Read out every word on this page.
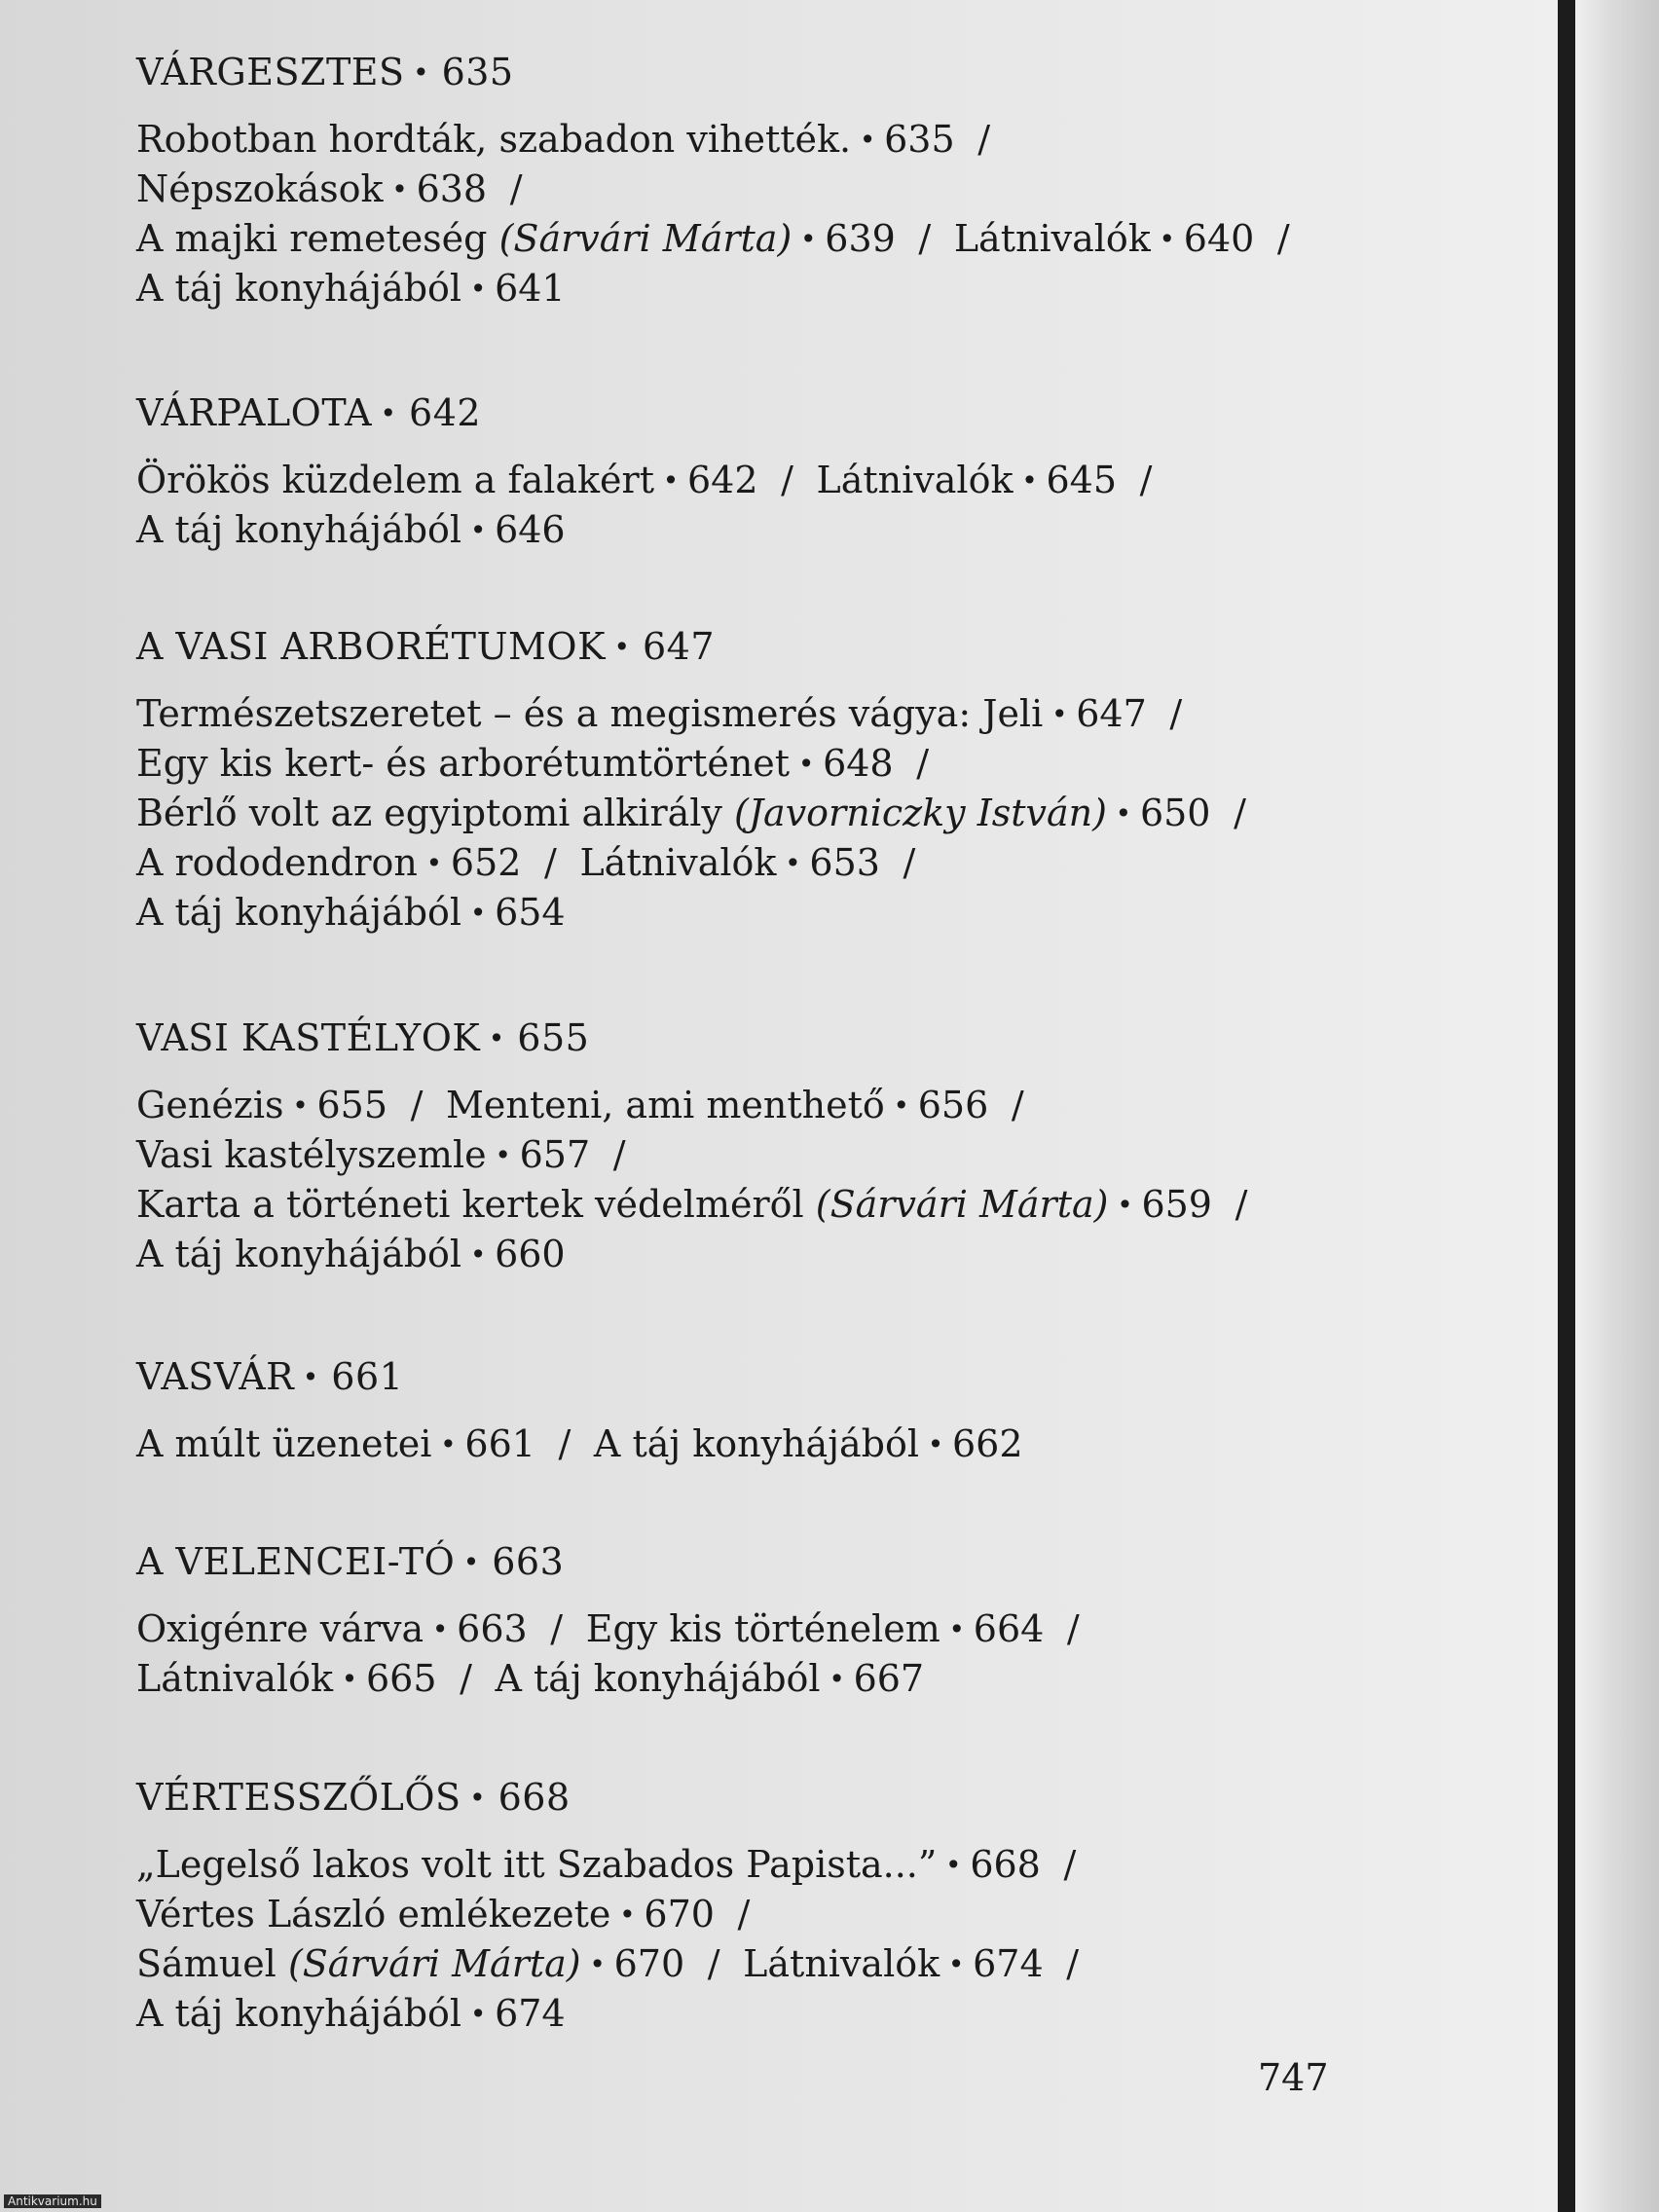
VÁRGESZTES • 635
Robotban hordták, szabadon vihették. • 635 /
Népszokások • 638 /
A majki remeteség (Sárvári Márta) • 639 / Látnivalók • 640 /
A táj konyhájából • 641
VÁRPALOTA • 642
Örökös küzdelem a falakért • 642 / Látnivalók • 645 /
A táj konyhájából • 646
A VASI ARBORÉTUMOK • 647
Természetszeretet – és a megismerés vágya: Jeli • 647 /
Egy kis kert- és arborétumtörténet • 648 /
Bérlő volt az egyiptomi alkirály (Javorniczky István) • 650 /
A rododendron • 652 / Látnivalók • 653 /
A táj konyhájából • 654
VASI KASTÉLYOK • 655
Genézis • 655 / Menteni, ami menthető • 656 /
Vasi kastélyszemle • 657 /
Karta a történeti kertek védelméről (Sárvári Márta) • 659 /
A táj konyhájából • 660
VASVÁR • 661
A múlt üzenetei • 661 / A táj konyhájából • 662
A VELENCEI-TÓ • 663
Oxigénre várva • 663 / Egy kis történelem • 664 /
Látnivalók • 665 / A táj konyhájából • 667
VÉRTESSZŐLŐS • 668
„Legelső lakos volt itt Szabados Papista...” • 668 /
Vértes László emlékezete • 670 /
Sámuel (Sárvári Márta) • 670 / Látnivalók • 674 /
A táj konyhájából • 674
747
Antikvarium.hu
